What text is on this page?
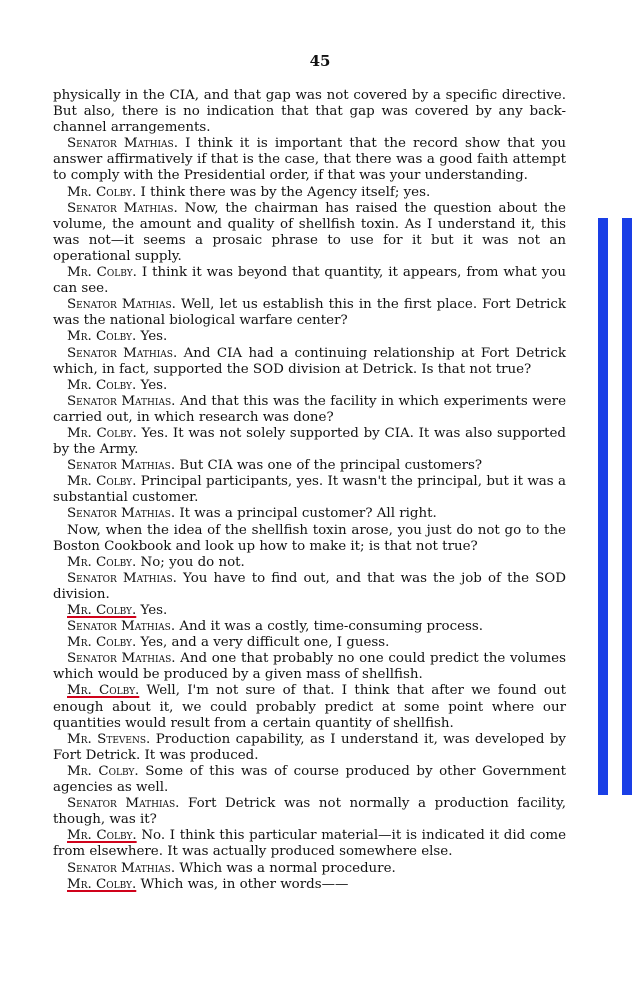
45

physically in the CIA, and that gap was not covered by a specific directive. But also, there is no indication that that gap was covered by any back-channel arrangements.

Senator Mathias. I think it is important that the record show that you answer affirmatively if that is the case, that there was a good faith attempt to comply with the Presidential order, if that was your understanding.

Mr. Colby. I think there was by the Agency itself; yes.

Senator Mathias. Now, the chairman has raised the question about the volume, the amount and quality of shellfish toxin. As I understand it, this was not—it seems a prosaic phrase to use for it but it was not an operational supply.

Mr. Colby. I think it was beyond that quantity, it appears, from what you can see.

Senator Mathias. Well, let us establish this in the first place. Fort Detrick was the national biological warfare center?

Mr. Colby. Yes.

Senator Mathias. And CIA had a continuing relationship at Fort Detrick which, in fact, supported the SOD division at Detrick. Is that not true?

Mr. Colby. Yes.

Senator Mathias. And that this was the facility in which experiments were carried out, in which research was done?

Mr. Colby. Yes. It was not solely supported by CIA. It was also supported by the Army.

Senator Mathias. But CIA was one of the principal customers?

Mr. Colby. Principal participants, yes. It wasn't the principal, but it was a substantial customer.

Senator Mathias. It was a principal customer? All right.

Now, when the idea of the shellfish toxin arose, you just do not go to the Boston Cookbook and look up how to make it; is that not true?

Mr. Colby. No; you do not.

Senator Mathias. You have to find out, and that was the job of the SOD division.

Mr. Colby. Yes.

Senator Mathias. And it was a costly, time-consuming process.

Mr. Colby. Yes, and a very difficult one, I guess.

Senator Mathias. And one that probably no one could predict the volumes which would be produced by a given mass of shellfish.

Mr. Colby. Well, I'm not sure of that. I think that after we found out enough about it, we could probably predict at some point where our quantities would result from a certain quantity of shellfish.

Mr. Stevens. Production capability, as I understand it, was developed by Fort Detrick. It was produced.

Mr. Colby. Some of this was of course produced by other Government agencies as well.

Senator Mathias. Fort Detrick was not normally a production facility, though, was it?

Mr. Colby. No. I think this particular material—it is indicated it did come from elsewhere. It was actually produced somewhere else.

Senator Mathias. Which was a normal procedure.

Mr. Colby. Which was, in other words——
